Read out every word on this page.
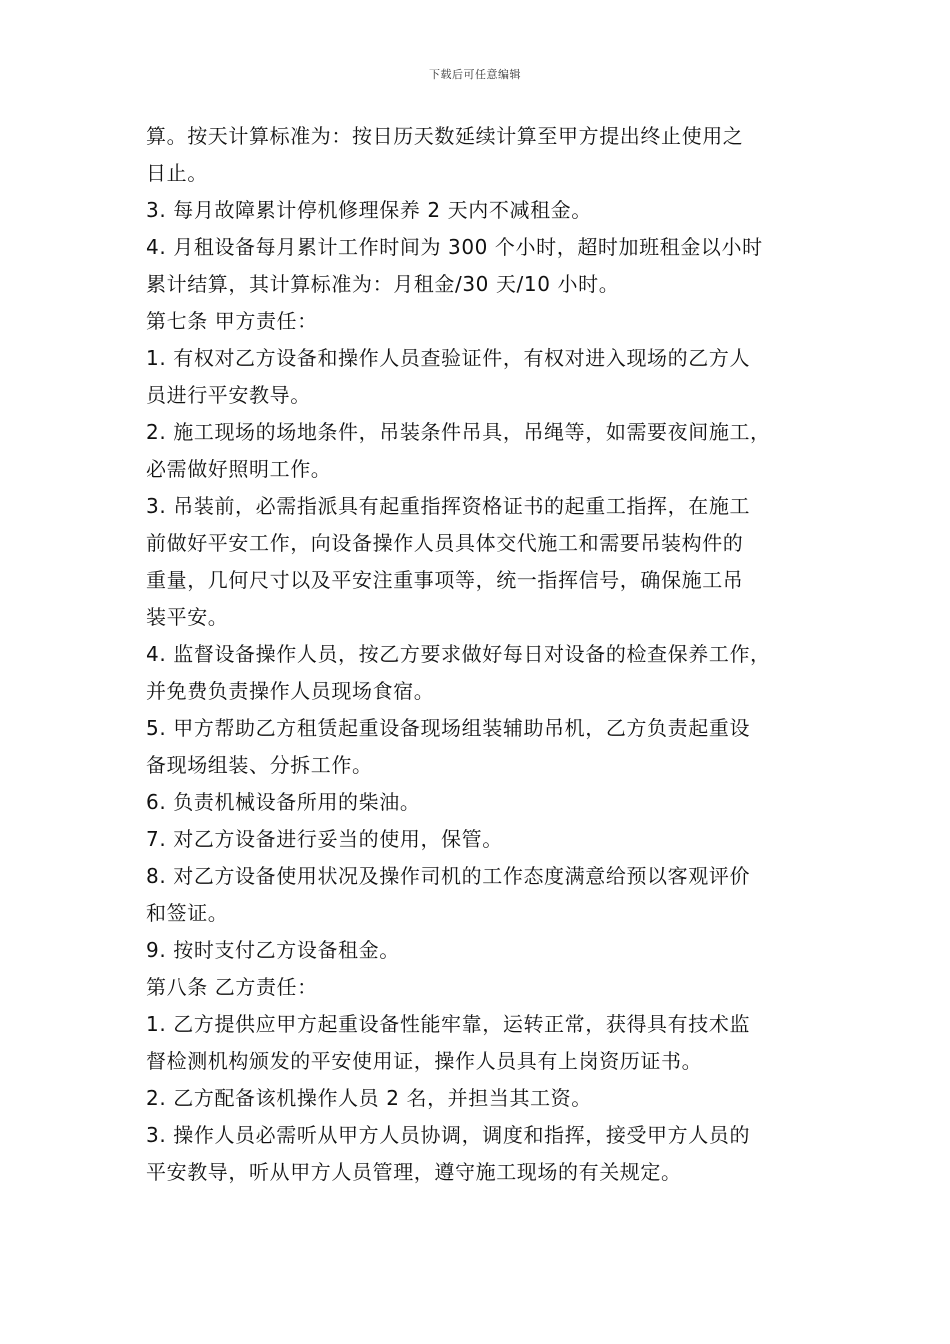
下载后可任意编辑
算。按天计算标准为：按日历天数延续计算至甲方提出终止使用之
日止。
3. 每月故障累计停机修理保养 2 天内不减租金。
4. 月租设备每月累计工作时间为 300 个小时，超时加班租金以小时
累计结算，其计算标准为：月租金/30 天/10 小时。
第七条 甲方责任：
1. 有权对乙方设备和操作人员查验证件，有权对进入现场的乙方人
员进行平安教导。
2. 施工现场的场地条件，吊装条件吊具，吊绳等，如需要夜间施工，
必需做好照明工作。
3. 吊装前，必需指派具有起重指挥资格证书的起重工指挥，在施工
前做好平安工作，向设备操作人员具体交代施工和需要吊装构件的
重量，几何尺寸以及平安注重事项等，统一指挥信号，确保施工吊
装平安。
4. 监督设备操作人员，按乙方要求做好每日对设备的检查保养工作，
并免费负责操作人员现场食宿。
5. 甲方帮助乙方租赁起重设备现场组装辅助吊机，乙方负责起重设
备现场组装、分拆工作。
6. 负责机械设备所用的柴油。
7. 对乙方设备进行妥当的使用，保管。
8. 对乙方设备使用状况及操作司机的工作态度满意给预以客观评价
和签证。
9. 按时支付乙方设备租金。
第八条 乙方责任：
1. 乙方提供应甲方起重设备性能牢靠，运转正常，获得具有技术监
督检测机构颁发的平安使用证，操作人员具有上岗资历证书。
2. 乙方配备该机操作人员 2 名，并担当其工资。
3. 操作人员必需听从甲方人员协调，调度和指挥，接受甲方人员的
平安教导，听从甲方人员管理，遵守施工现场的有关规定。
